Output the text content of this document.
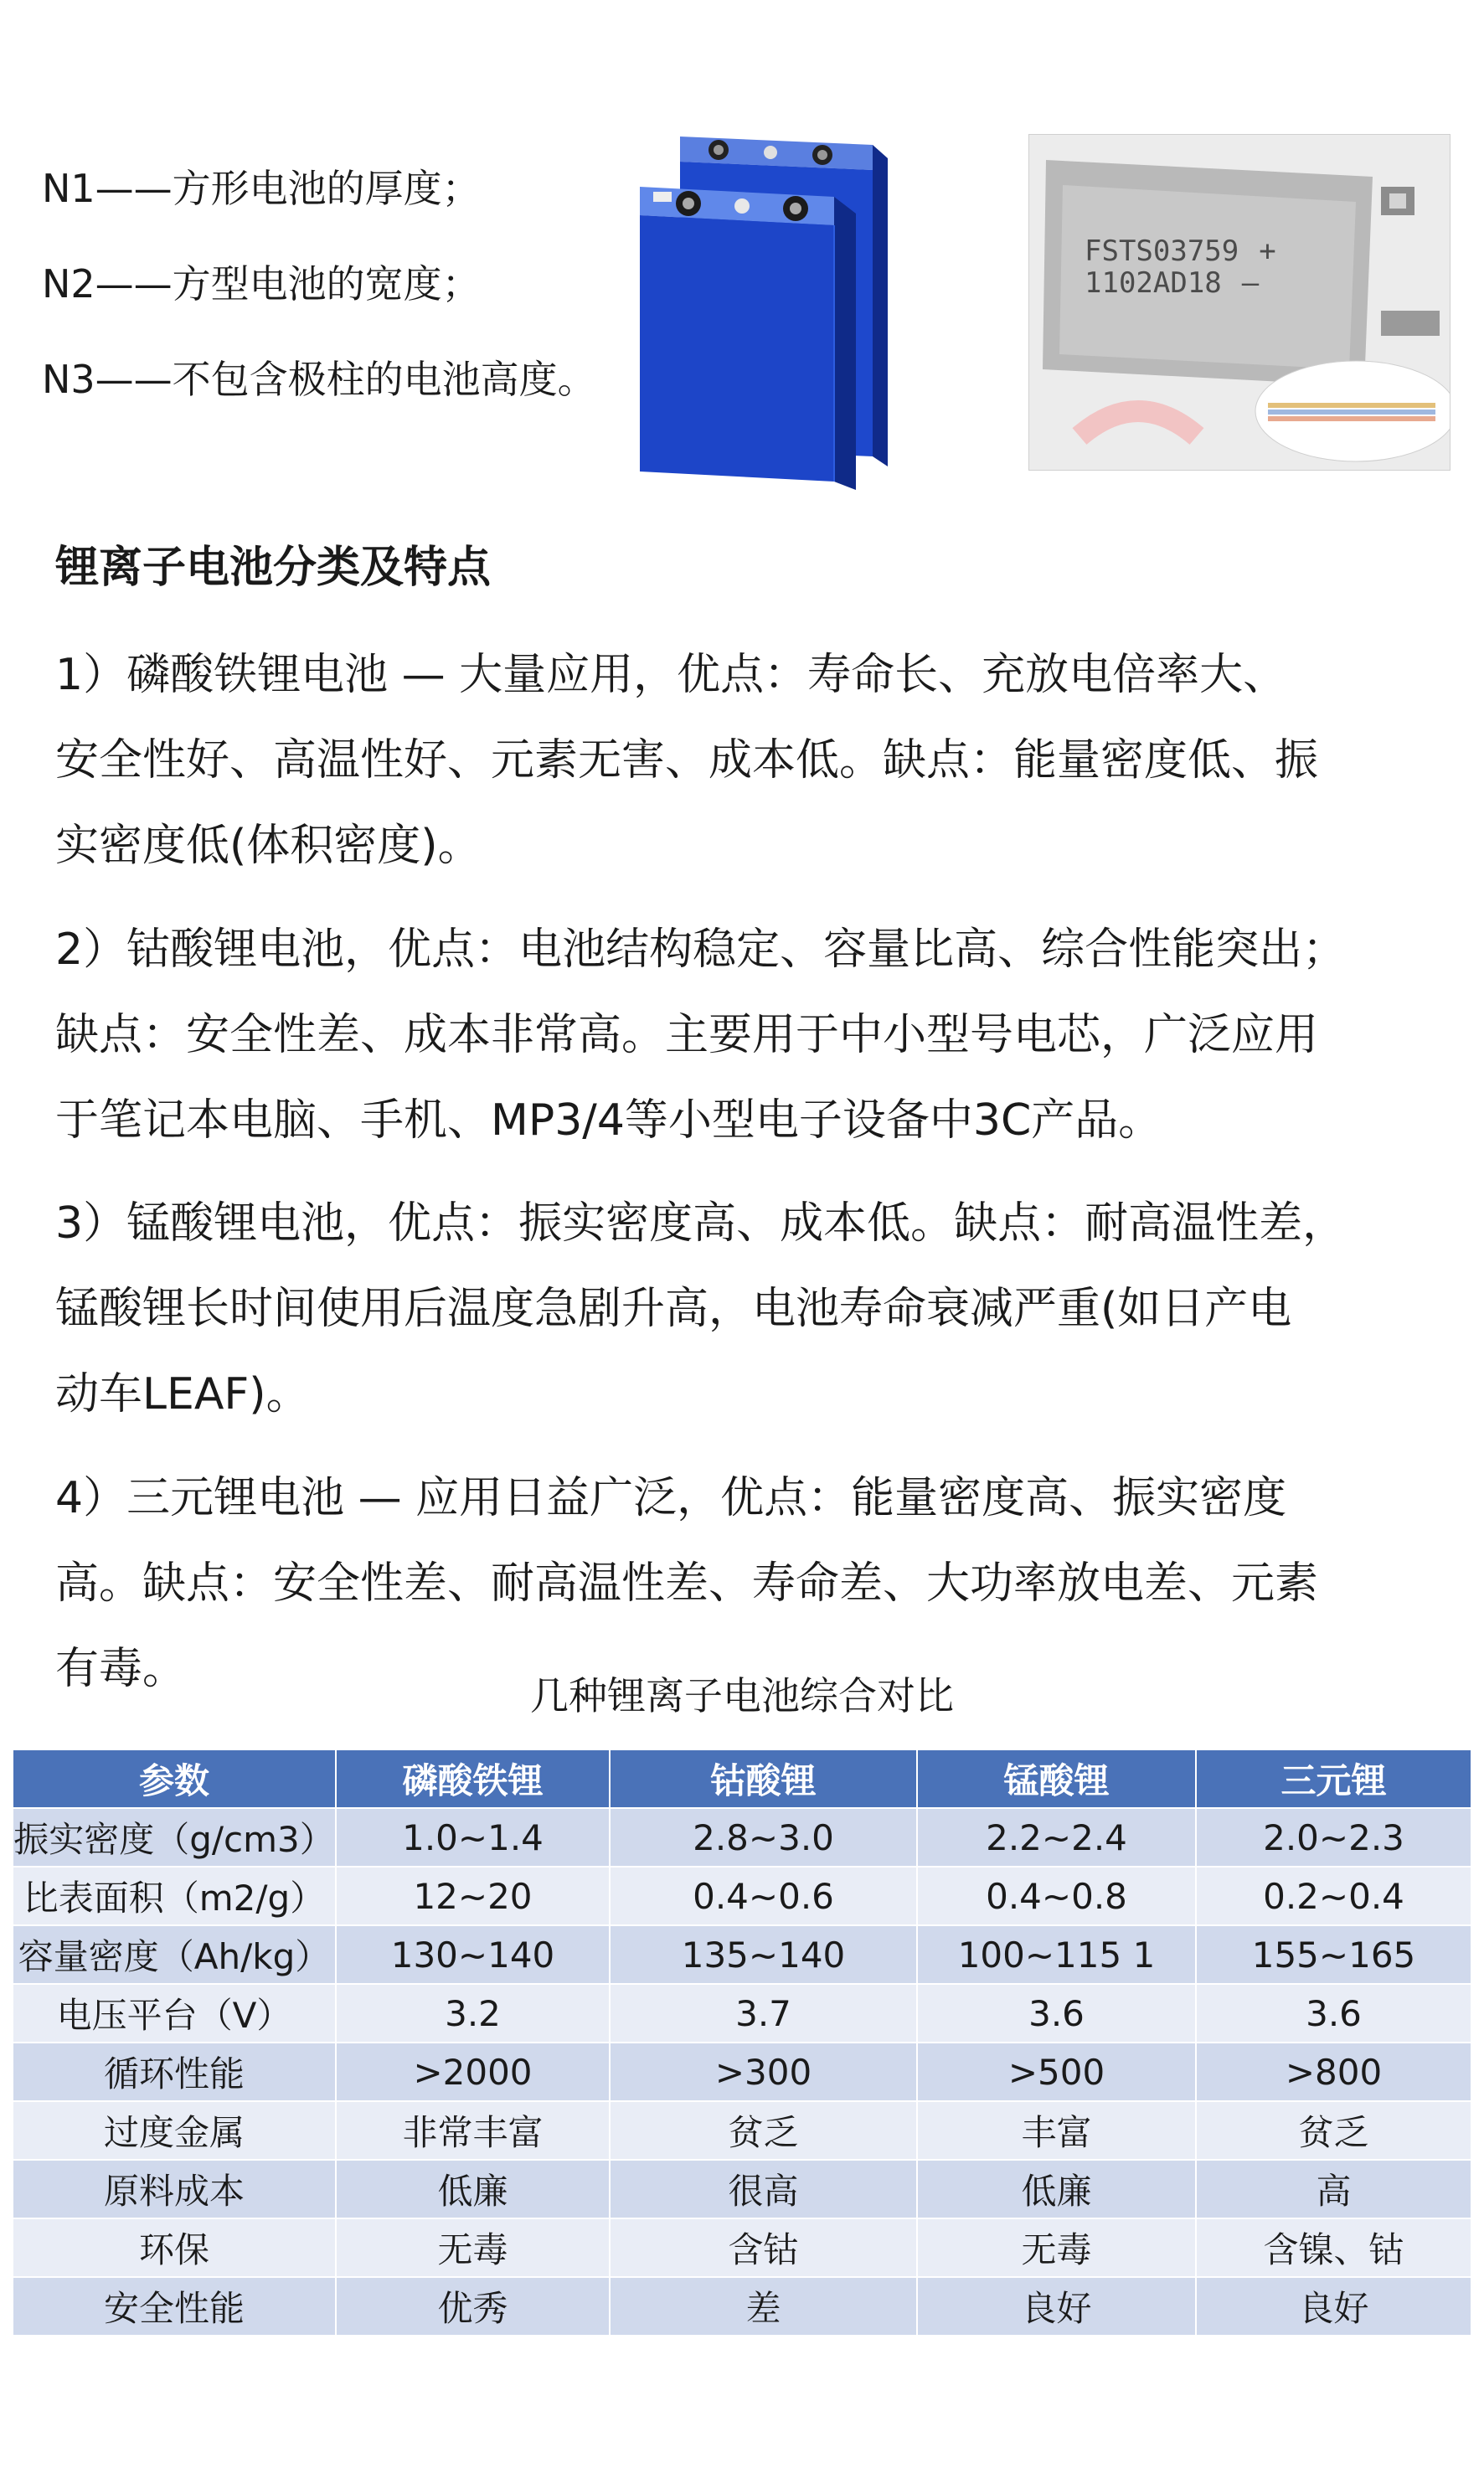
N1——方形电池的厚度；
N2——方型电池的宽度；
N3——不包含极柱的电池高度。
FSTS03759 +
1102AD18 —
锂离子电池分类及特点
1）磷酸铁锂电池 — 大量应用，优点：寿命长、充放电倍率大、
安全性好、高温性好、元素无害、成本低。缺点：能量密度低、振
实密度低(体积密度)。
2）钴酸锂电池，优点：电池结构稳定、容量比高、综合性能突出；
缺点：安全性差、成本非常高。主要用于中小型号电芯，广泛应用
于笔记本电脑、手机、MP3/4等小型电子设备中3C产品。
3）锰酸锂电池，优点：振实密度高、成本低。缺点：耐高温性差，
锰酸锂长时间使用后温度急剧升高，电池寿命衰减严重(如日产电
动车LEAF)。
4）三元锂电池 — 应用日益广泛，优点：能量密度高、振实密度
高。缺点：安全性差、耐高温性差、寿命差、大功率放电差、元素
有毒。
几种锂离子电池综合对比
参数	磷酸铁锂	钴酸锂	锰酸锂	三元锂
振实密度（g/cm3）	1.0~1.4	2.8~3.0	2.2~2.4	2.0~2.3
比表面积（m2/g）	12~20	0.4~0.6	0.4~0.8	0.2~0.4
容量密度（Ah/kg）	130~140	135~140	100~115 1	155~165
电压平台（V）	3.2	3.7	3.6	3.6
循环性能	>2000	>300	>500	>800
过度金属	非常丰富	贫乏	丰富	贫乏
原料成本	低廉	很高	低廉	高
环保	无毒	含钴	无毒	含镍、钴
安全性能	优秀	差	良好	良好
